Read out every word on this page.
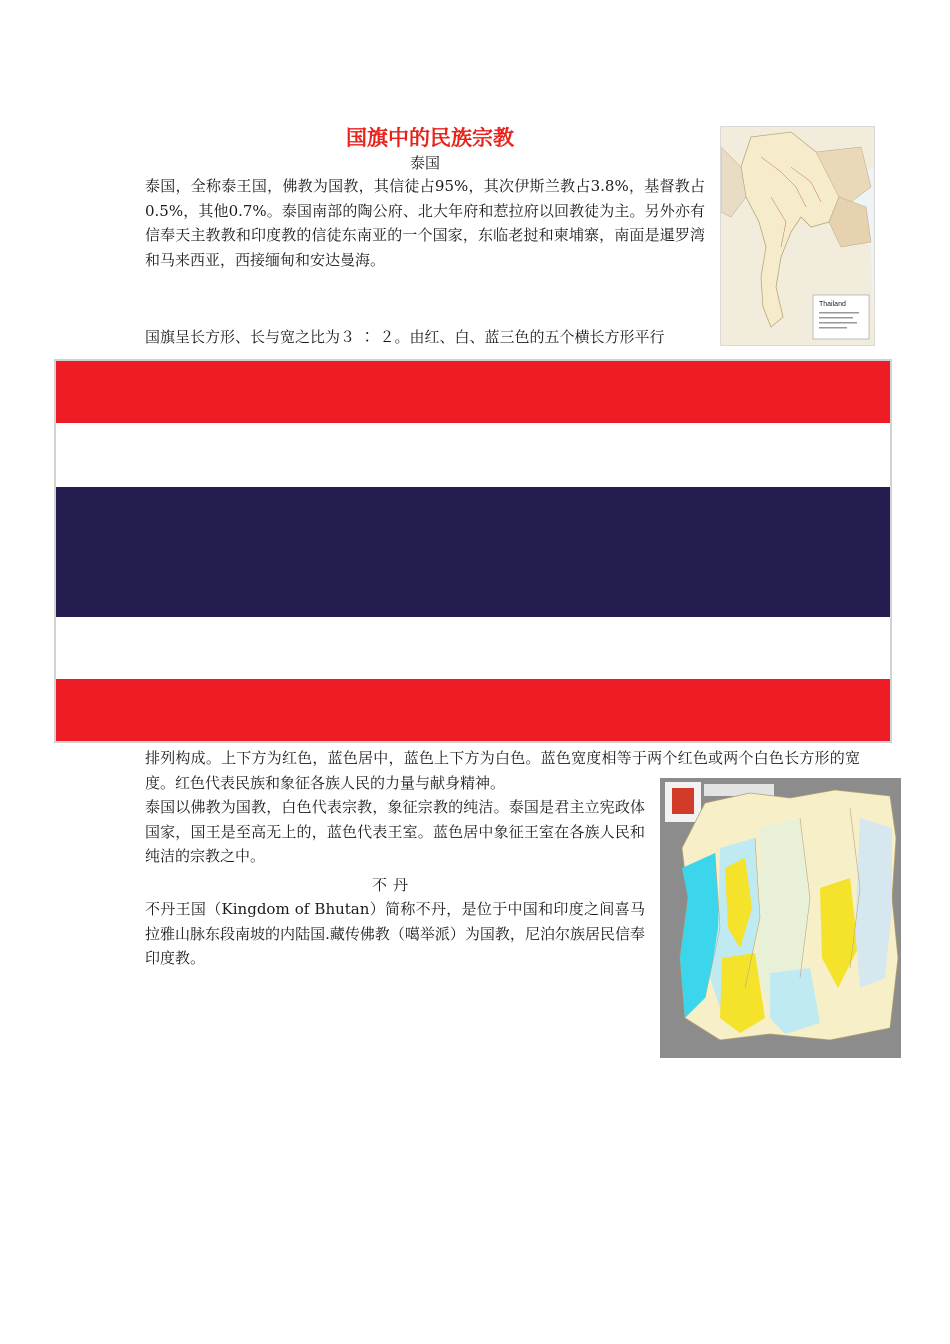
国旗中的民族宗教
泰国

泰国，全称泰王国，佛教为国教，其信徒占95%，其次伊斯兰教占3.8%，基督教占0.5%，其他0.7%。泰国南部的陶公府、北大年府和惹拉府以回教徒为主。另外亦有信奉天主教教和印度教的信徒东南亚的一个国家，东临老挝和柬埔寨，南面是暹罗湾和马来西亚，西接缅甸和安达曼海。

Thailand

国旗呈长方形、长与宽之比为３ ∶ ２。由红、白、蓝三色的五个横长方形平行

排列构成。上下方为红色，蓝色居中，蓝色上下方为白色。蓝色宽度相等于两个红色或两个白色长方形的宽度。红色代表民族和象征各族人民的力量与献身精神。

泰国以佛教为国教，白色代表宗教，象征宗教的纯洁。泰国是君主立宪政体国家，国王是至高无上的，蓝色代表王室。蓝色居中象征王室在各族人民和纯洁的宗教之中。

不丹

不丹王国（Kingdom of Bhutan）简称不丹，是位于中国和印度之间喜马拉雅山脉东段南坡的内陆国.藏传佛教（噶举派）为国教，尼泊尔族居民信奉印度教。
